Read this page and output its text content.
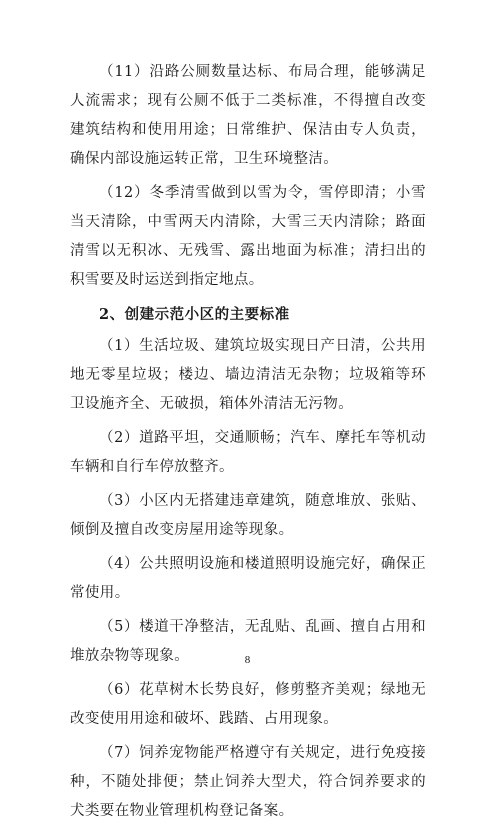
（11）沿路公厕数量达标、布局合理，能够满足人流需求；现有公厕不低于二类标准，不得擅自改变建筑结构和使用用途；日常维护、保洁由专人负责，确保内部设施运转正常，卫生环境整洁。

（12）冬季清雪做到以雪为令，雪停即清；小雪当天清除，中雪两天内清除，大雪三天内清除；路面清雪以无积冰、无残雪、露出地面为标准；清扫出的积雪要及时运送到指定地点。

2、创建示范小区的主要标准

（1）生活垃圾、建筑垃圾实现日产日清，公共用地无零星垃圾；楼边、墙边清洁无杂物；垃圾箱等环卫设施齐全、无破损，箱体外清洁无污物。

（2）道路平坦，交通顺畅；汽车、摩托车等机动车辆和自行车停放整齐。

（3）小区内无搭建违章建筑，随意堆放、张贴、倾倒及擅自改变房屋用途等现象。

（4）公共照明设施和楼道照明设施完好，确保正常使用。

（5）楼道干净整洁，无乱贴、乱画、擅自占用和堆放杂物等现象。

（6）花草树木长势良好，修剪整齐美观；绿地无改变使用用途和破坏、践踏、占用现象。

（7）饲养宠物能严格遵守有关规定，进行免疫接种，不随处排便；禁止饲养大型犬，符合饲养要求的犬类要在物业管理机构登记备案。

8
